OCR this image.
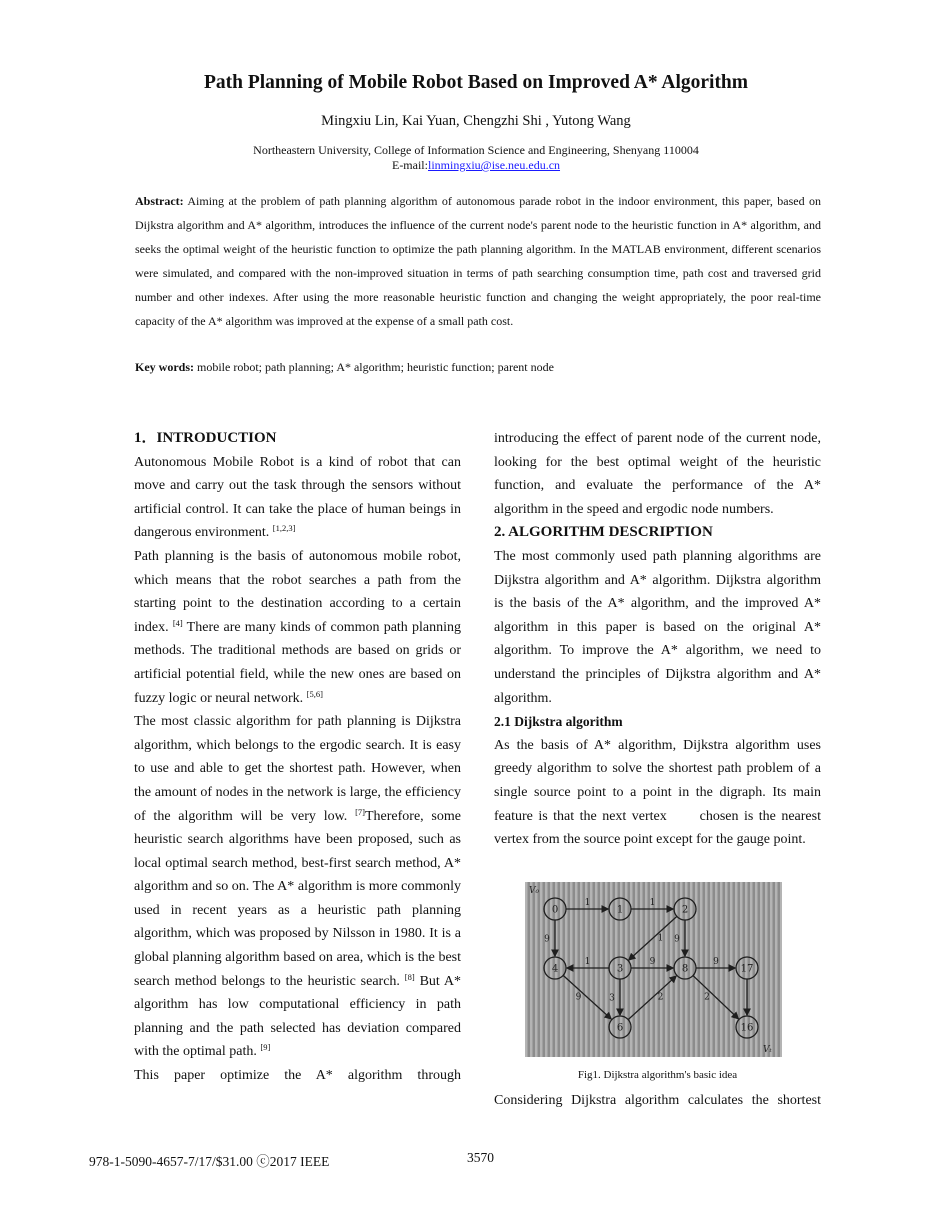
Path Planning of Mobile Robot Based on Improved A* Algorithm
Mingxiu Lin, Kai Yuan, Chengzhi Shi , Yutong Wang
Northeastern University, College of Information Science and Engineering, Shenyang 110004
E-mail:linmingxiu@ise.neu.edu.cn
Abstract: Aiming at the problem of path planning algorithm of autonomous parade robot in the indoor environment, this paper, based on Dijkstra algorithm and A* algorithm, introduces the influence of the current node's parent node to the heuristic function in A* algorithm, and seeks the optimal weight of the heuristic function to optimize the path planning algorithm. In the MATLAB environment, different scenarios were simulated, and compared with the non-improved situation in terms of path searching consumption time, path cost and traversed grid number and other indexes. After using the more reasonable heuristic function and changing the weight appropriately, the poor real-time capacity of the A* algorithm was improved at the expense of a small path cost.
Key words: mobile robot; path planning; A* algorithm; heuristic function; parent node
1．INTRODUCTION

Autonomous Mobile Robot is a kind of robot that can move and carry out the task through the sensors without artificial control. It can take the place of human beings in dangerous environment. [1,2,3]

Path planning is the basis of autonomous mobile robot, which means that the robot searches a path from the starting point to the destination according to a certain index. [4] There are many kinds of common path planning methods. The traditional methods are based on grids or artificial potential field, while the new ones are based on fuzzy logic or neural network. [5,6]

The most classic algorithm for path planning is Dijkstra algorithm, which belongs to the ergodic search. It is easy to use and able to get the shortest path. However, when the amount of nodes in the network is large, the efficiency of the algorithm will be very low. [7]Therefore, some heuristic search algorithms have been proposed, such as local optimal search method, best-first search method, A* algorithm and so on. The A* algorithm is more commonly used in recent years as a heuristic path planning algorithm, which was proposed by Nilsson in 1980. It is a global planning algorithm based on area, which is the best search method belongs to the heuristic search. [8] But A* algorithm has low computational efficiency in path planning and the path selected has deviation compared with the optimal path. [9]

This paper optimize the A* algorithm through

introducing the effect of parent node of the current node, looking for the best optimal weight of the heuristic function, and evaluate the performance of the A* algorithm in the speed and ergodic node numbers.

2. ALGORITHM DESCRIPTION

The most commonly used path planning algorithms are Dijkstra algorithm and A* algorithm. Dijkstra algorithm is the basis of the A* algorithm, and the improved A* algorithm in this paper is based on the original A* algorithm. To improve the A* algorithm, we need to understand the principles of Dijkstra algorithm and A* algorithm.

2.1 Dijkstra algorithm

As the basis of A* algorithm, Dijkstra algorithm uses greedy algorithm to solve the shortest path problem of a single source point to a point in the digraph. Its main feature is that the next vertex      chosen is the nearest vertex from the source point except for the gauge point.

1	1
1 9
9
1	9	9
3
9	2	2
0	1	2
4	3	8	17
6	16
V₀
Vₜ
Fig1. Dijkstra algorithm's basic idea
Considering Dijkstra algorithm calculates the shortest
978-1-5090-4657-7/17/$31.00 ⓒ2017 IEEE	3570
